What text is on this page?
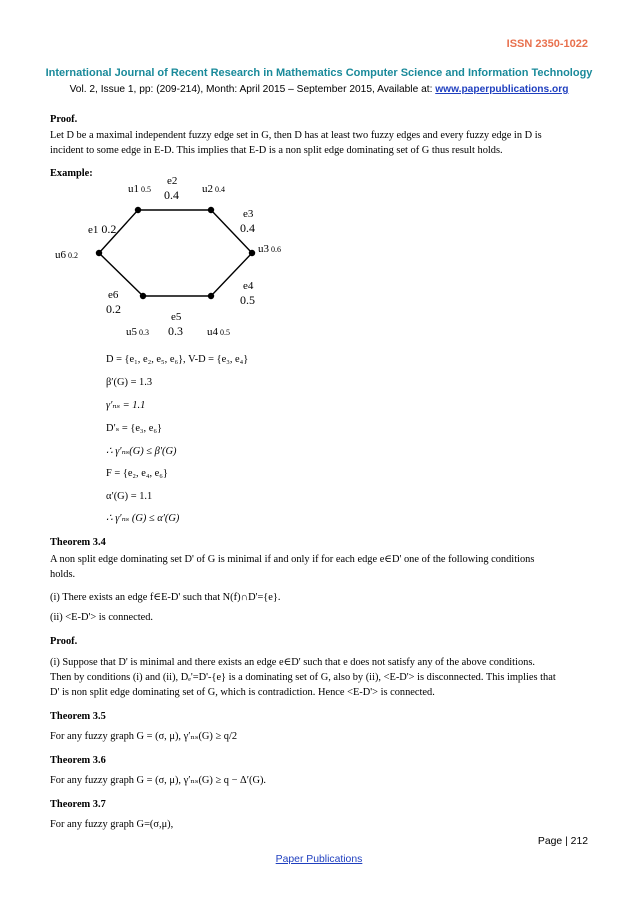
ISSN 2350-1022
International Journal of Recent Research in Mathematics Computer Science and Information Technology
Vol. 2, Issue 1, pp: (209-214), Month: April 2015 – September 2015, Available at: www.paperpublications.org
Proof.
Let D be a maximal independent fuzzy edge set in G, then D has at least two fuzzy edges and every fuzzy edge in D is
incident to some edge in E-D. This implies that E-D is a non split edge dominating set of G thus result holds.
Example:
u1 0.5	u2 0.4
u3 0.6
u4 0.5
u5 0.3
u6 0.2
e1 0.2
e2
0.4
e3
0.4
e4
0.5
e5
0.3
e6
0.2
D = {e₁, e₂, e₅, e₆}, V-D = {e₃, e₄}
β′(G) = 1.3
γ′ₙₛ = 1.1
D′ₛ = {e₃, e₆}
∴ γ′ₙₛ(G) ≤ β′(G)
F = {e₂, e₄, e₆}
α′(G) = 1.1
∴ γ′ₙₛ (G) ≤ α′(G)
Theorem 3.4
A non split edge dominating set D' of G is minimal if and only if for each edge e∈D' one of the following conditions
holds.
(i) There exists an edge f∈E-D' such that N(f)∩D'={e}.
(ii) <E-D'> is connected.
Proof.
(i) Suppose that D' is minimal and there exists an edge e∈D' such that e does not satisfy any of the above conditions.
Then by conditions (i) and (ii), Dₑ'=D'-{e} is a dominating set of G, also by (ii), <E-D'> is disconnected. This implies that
D' is non split edge dominating set of G, which is contradiction. Hence <E-D'> is connected.
Theorem 3.5
For any fuzzy graph G = (σ, μ), γ′ₙₛ(G) ≥ q/2
Theorem 3.6
For any fuzzy graph G = (σ, μ), γ′ₙₛ(G) ≥ q − Δ′(G).
Theorem 3.7
For any fuzzy graph G=(σ,μ),
Page | 212
Paper Publications
